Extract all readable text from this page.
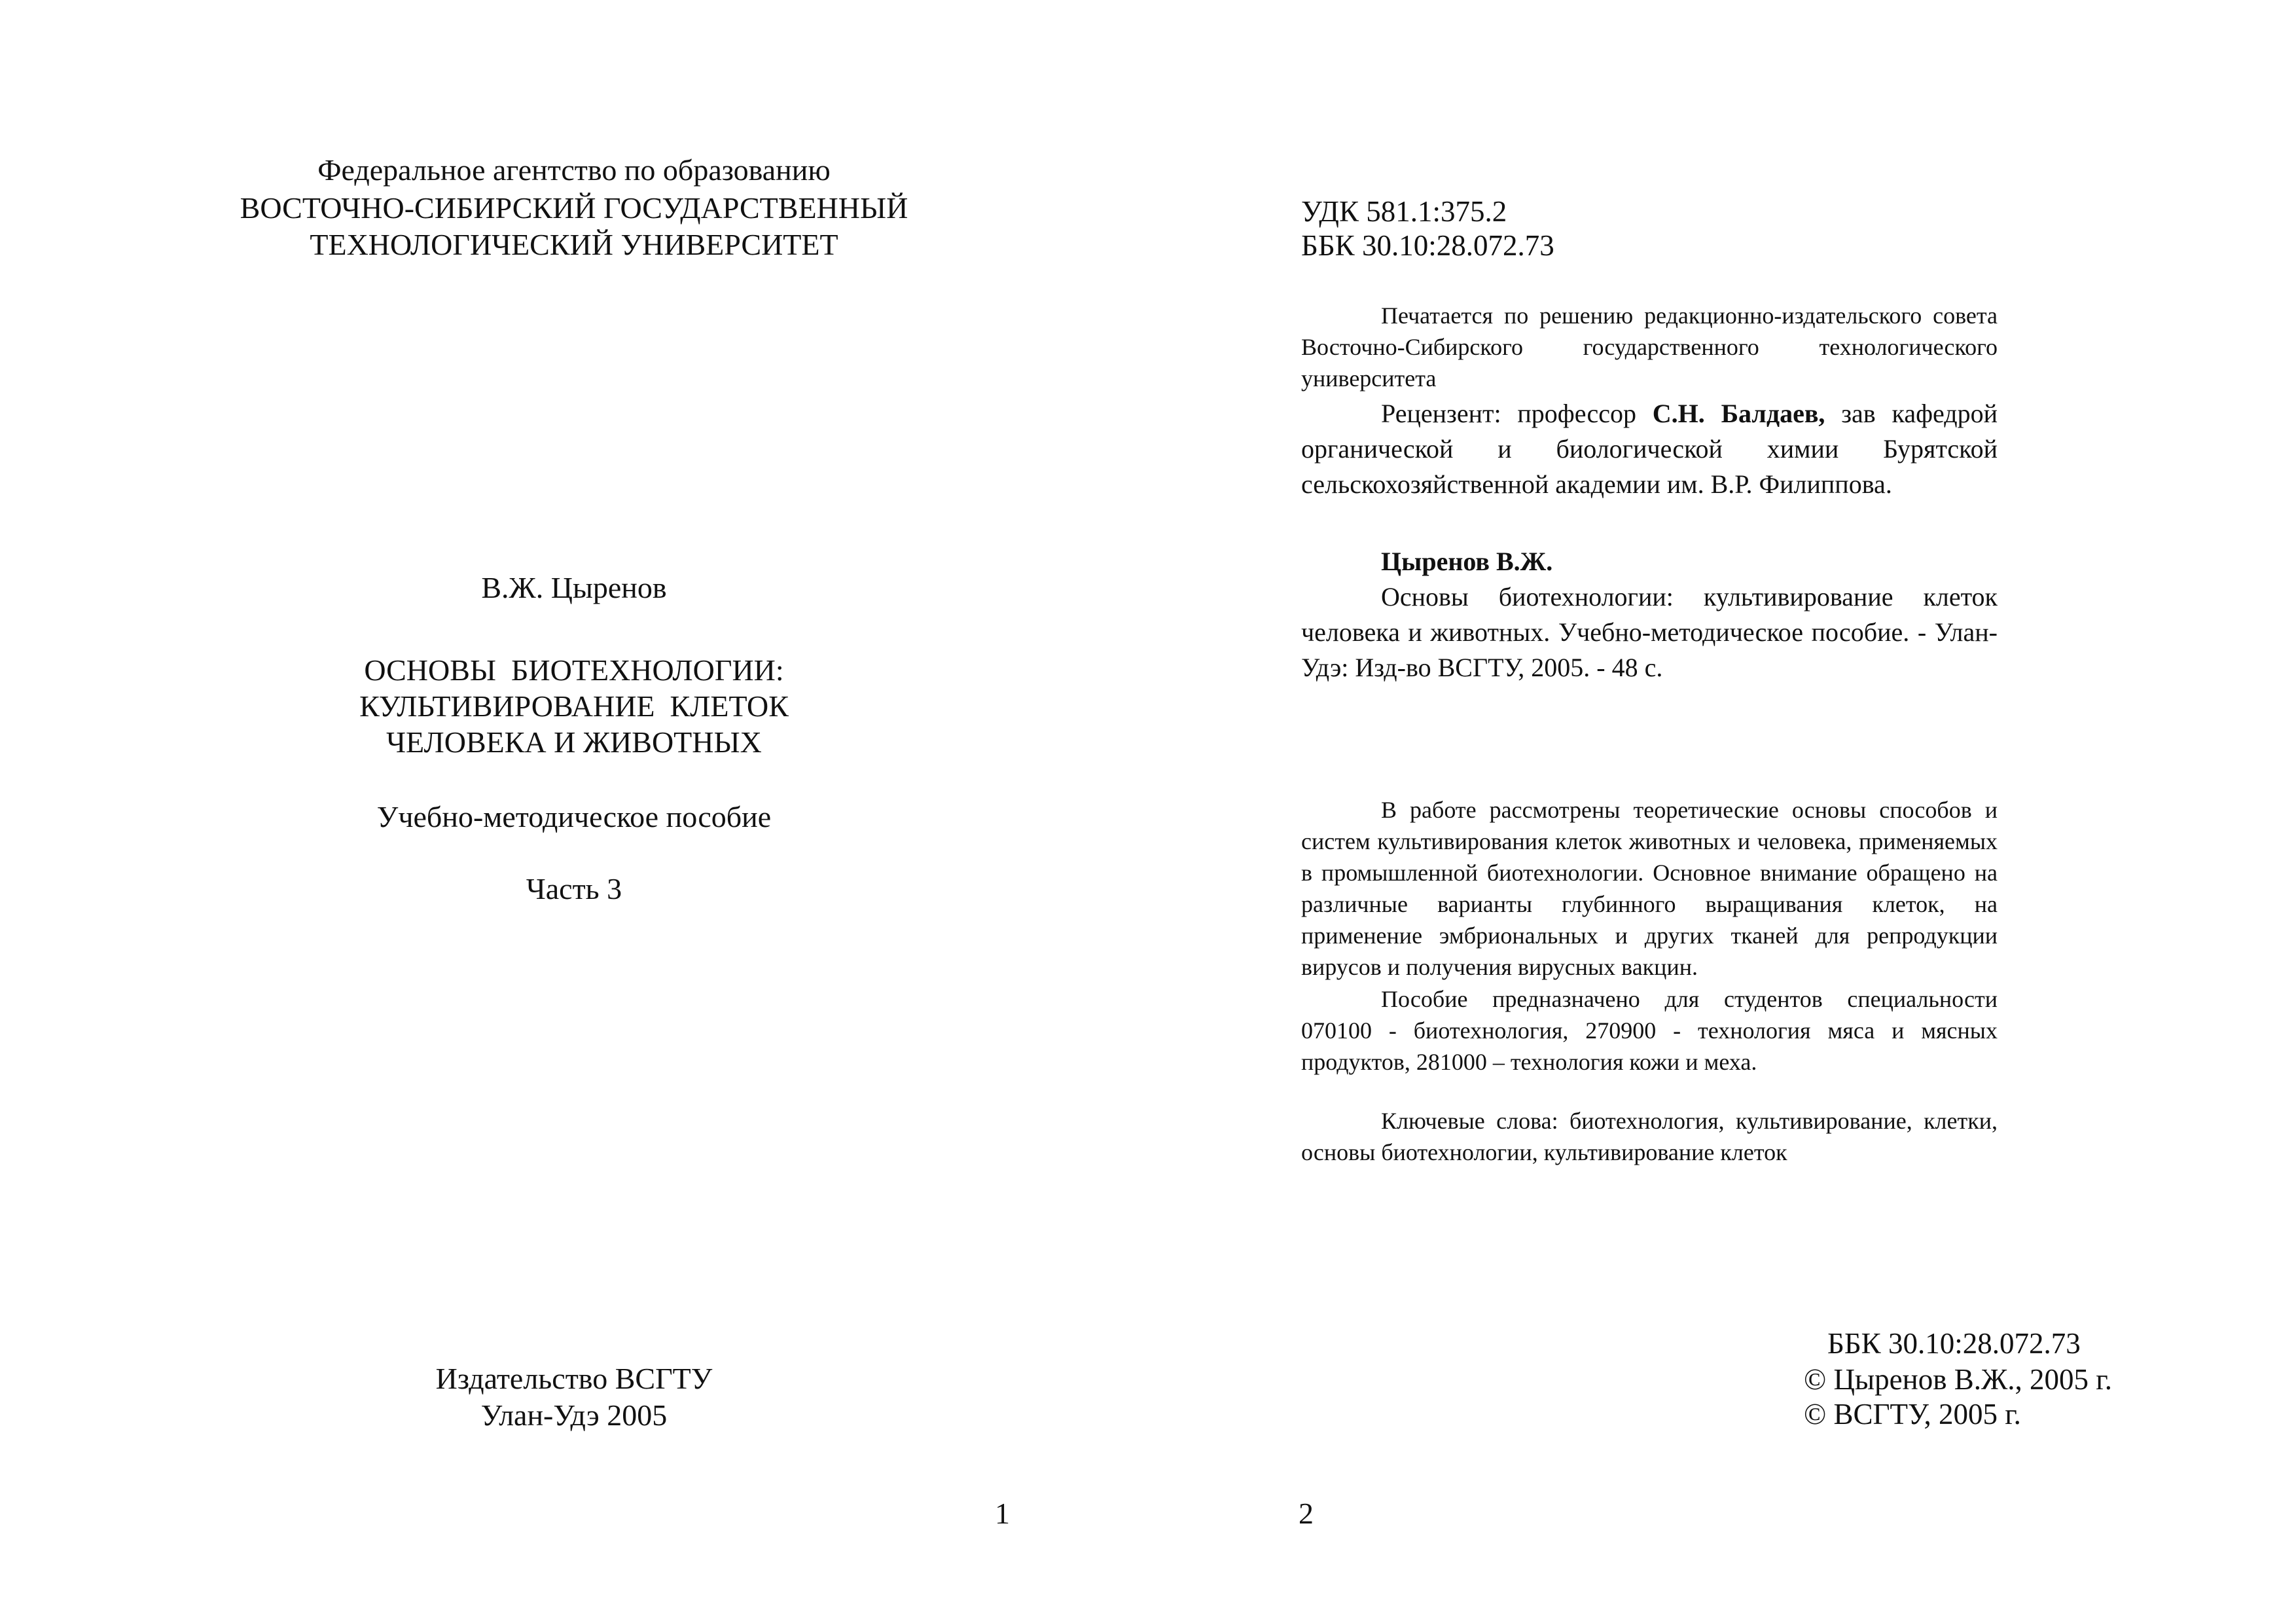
Федеральное агентство по образованию
ВОСТОЧНО-СИБИРСКИЙ ГОСУДАРСТВЕННЫЙ
ТЕХНОЛОГИЧЕСКИЙ УНИВЕРСИТЕТ
В.Ж. Цыренов
ОСНОВЫ  БИОТЕХНОЛОГИИ:
КУЛЬТИВИРОВАНИЕ  КЛЕТОК
ЧЕЛОВЕКА И ЖИВОТНЫХ
Учебно-методическое пособие
Часть 3
Издательство ВСГТУ
Улан-Удэ 2005
1
УДК 581.1:375.2
ББК 30.10:28.072.73
Печатается по решению редакционно-издательского совета Восточно-Сибирского государственного технологического университета
Рецензент: профессор С.Н. Балдаев, зав кафедрой органической и биологической химии Бурятской сельскохозяйственной академии им. В.Р. Филиппова.
Цыренов В.Ж.
Основы биотехнологии: культивирование клеток человека и животных. Учебно-методическое пособие. - Улан-Удэ: Изд-во ВСГТУ, 2005. - 48 с.
В работе рассмотрены теоретические основы способов и систем культивирования клеток животных и человека, применяемых в промышленной биотехнологии. Основное внимание обращено на различные варианты глубинного выращивания клеток, на применение эмбриональных и других тканей для репродукции вирусов и получения вирусных вакцин.
Пособие предназначено для студентов специальности 070100 - биотехнология, 270900 - технология мяса и мясных продуктов, 281000 – технология кожи и меха.
Ключевые слова: биотехнология, культивирование, клетки, основы биотехнологии, культивирование клеток
ББК 30.10:28.072.73
© Цыренов В.Ж., 2005 г.
© ВСГТУ, 2005 г.
2
